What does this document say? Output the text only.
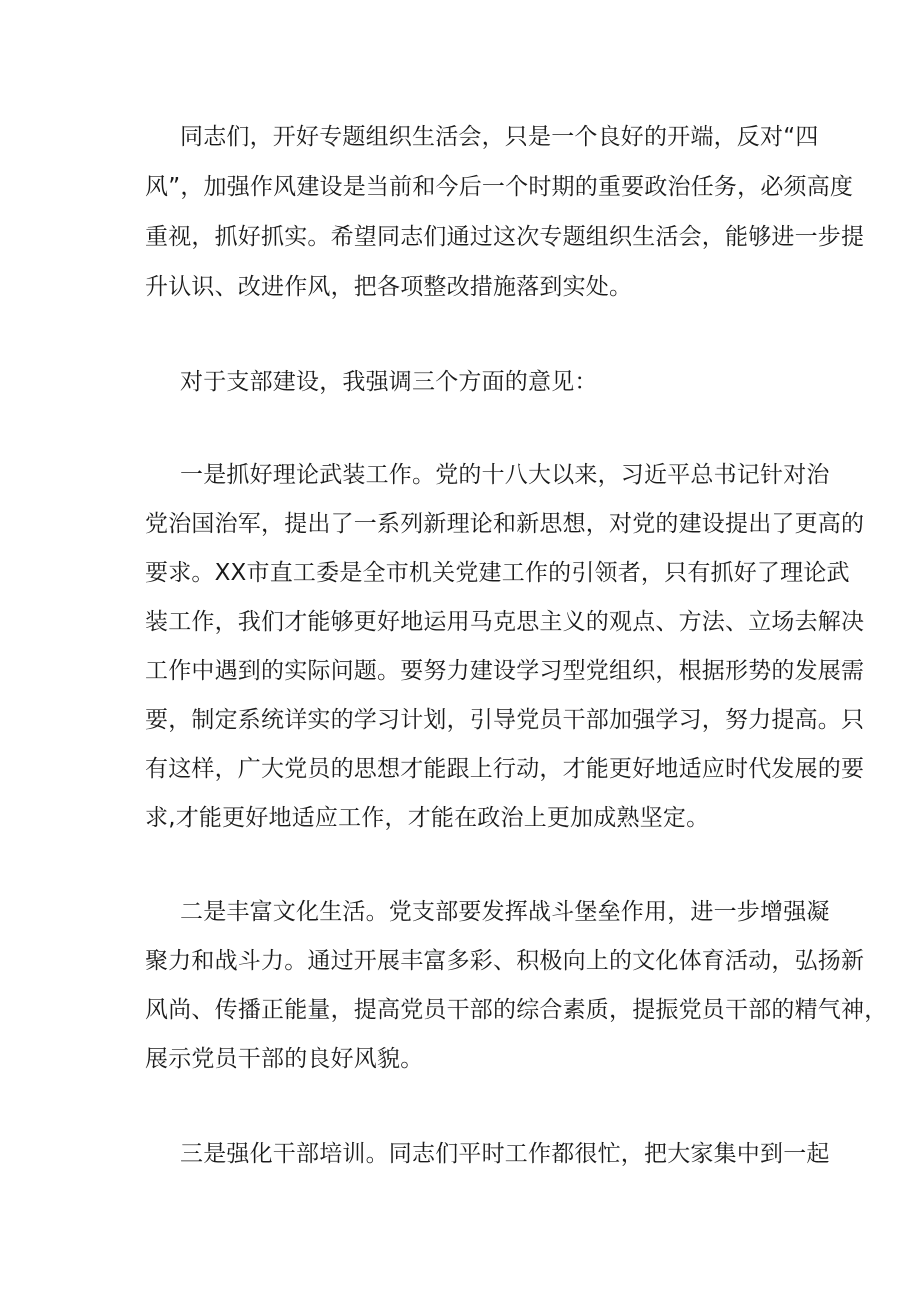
同志们，开好专题组织生活会，只是一个良好的开端，反对“四

风”，加强作风建设是当前和今后一个时期的重要政治任务，必须高度

重视，抓好抓实。希望同志们通过这次专题组织生活会，能够进一步提

升认识、改进作风，把各项整改措施落到实处。

对于支部建设，我强调三个方面的意见：

一是抓好理论武装工作。党的十八大以来，习近平总书记针对治

党治国治军，提出了一系列新理论和新思想，对党的建设提出了更高的

要求。XX市直工委是全市机关党建工作的引领者，只有抓好了理论武

装工作，我们才能够更好地运用马克思主义的观点、方法、立场去解决

工作中遇到的实际问题。要努力建设学习型党组织，根据形势的发展需

要，制定系统详实的学习计划，引导党员干部加强学习，努力提高。只

有这样，广大党员的思想才能跟上行动，才能更好地适应时代发展的要

求,才能更好地适应工作，才能在政治上更加成熟坚定。

二是丰富文化生活。党支部要发挥战斗堡垒作用，进一步增强凝

聚力和战斗力。通过开展丰富多彩、积极向上的文化体育活动，弘扬新

风尚、传播正能量，提高党员干部的综合素质，提振党员干部的精气神，

展示党员干部的良好风貌。

三是强化干部培训。同志们平时工作都很忙，把大家集中到一起
